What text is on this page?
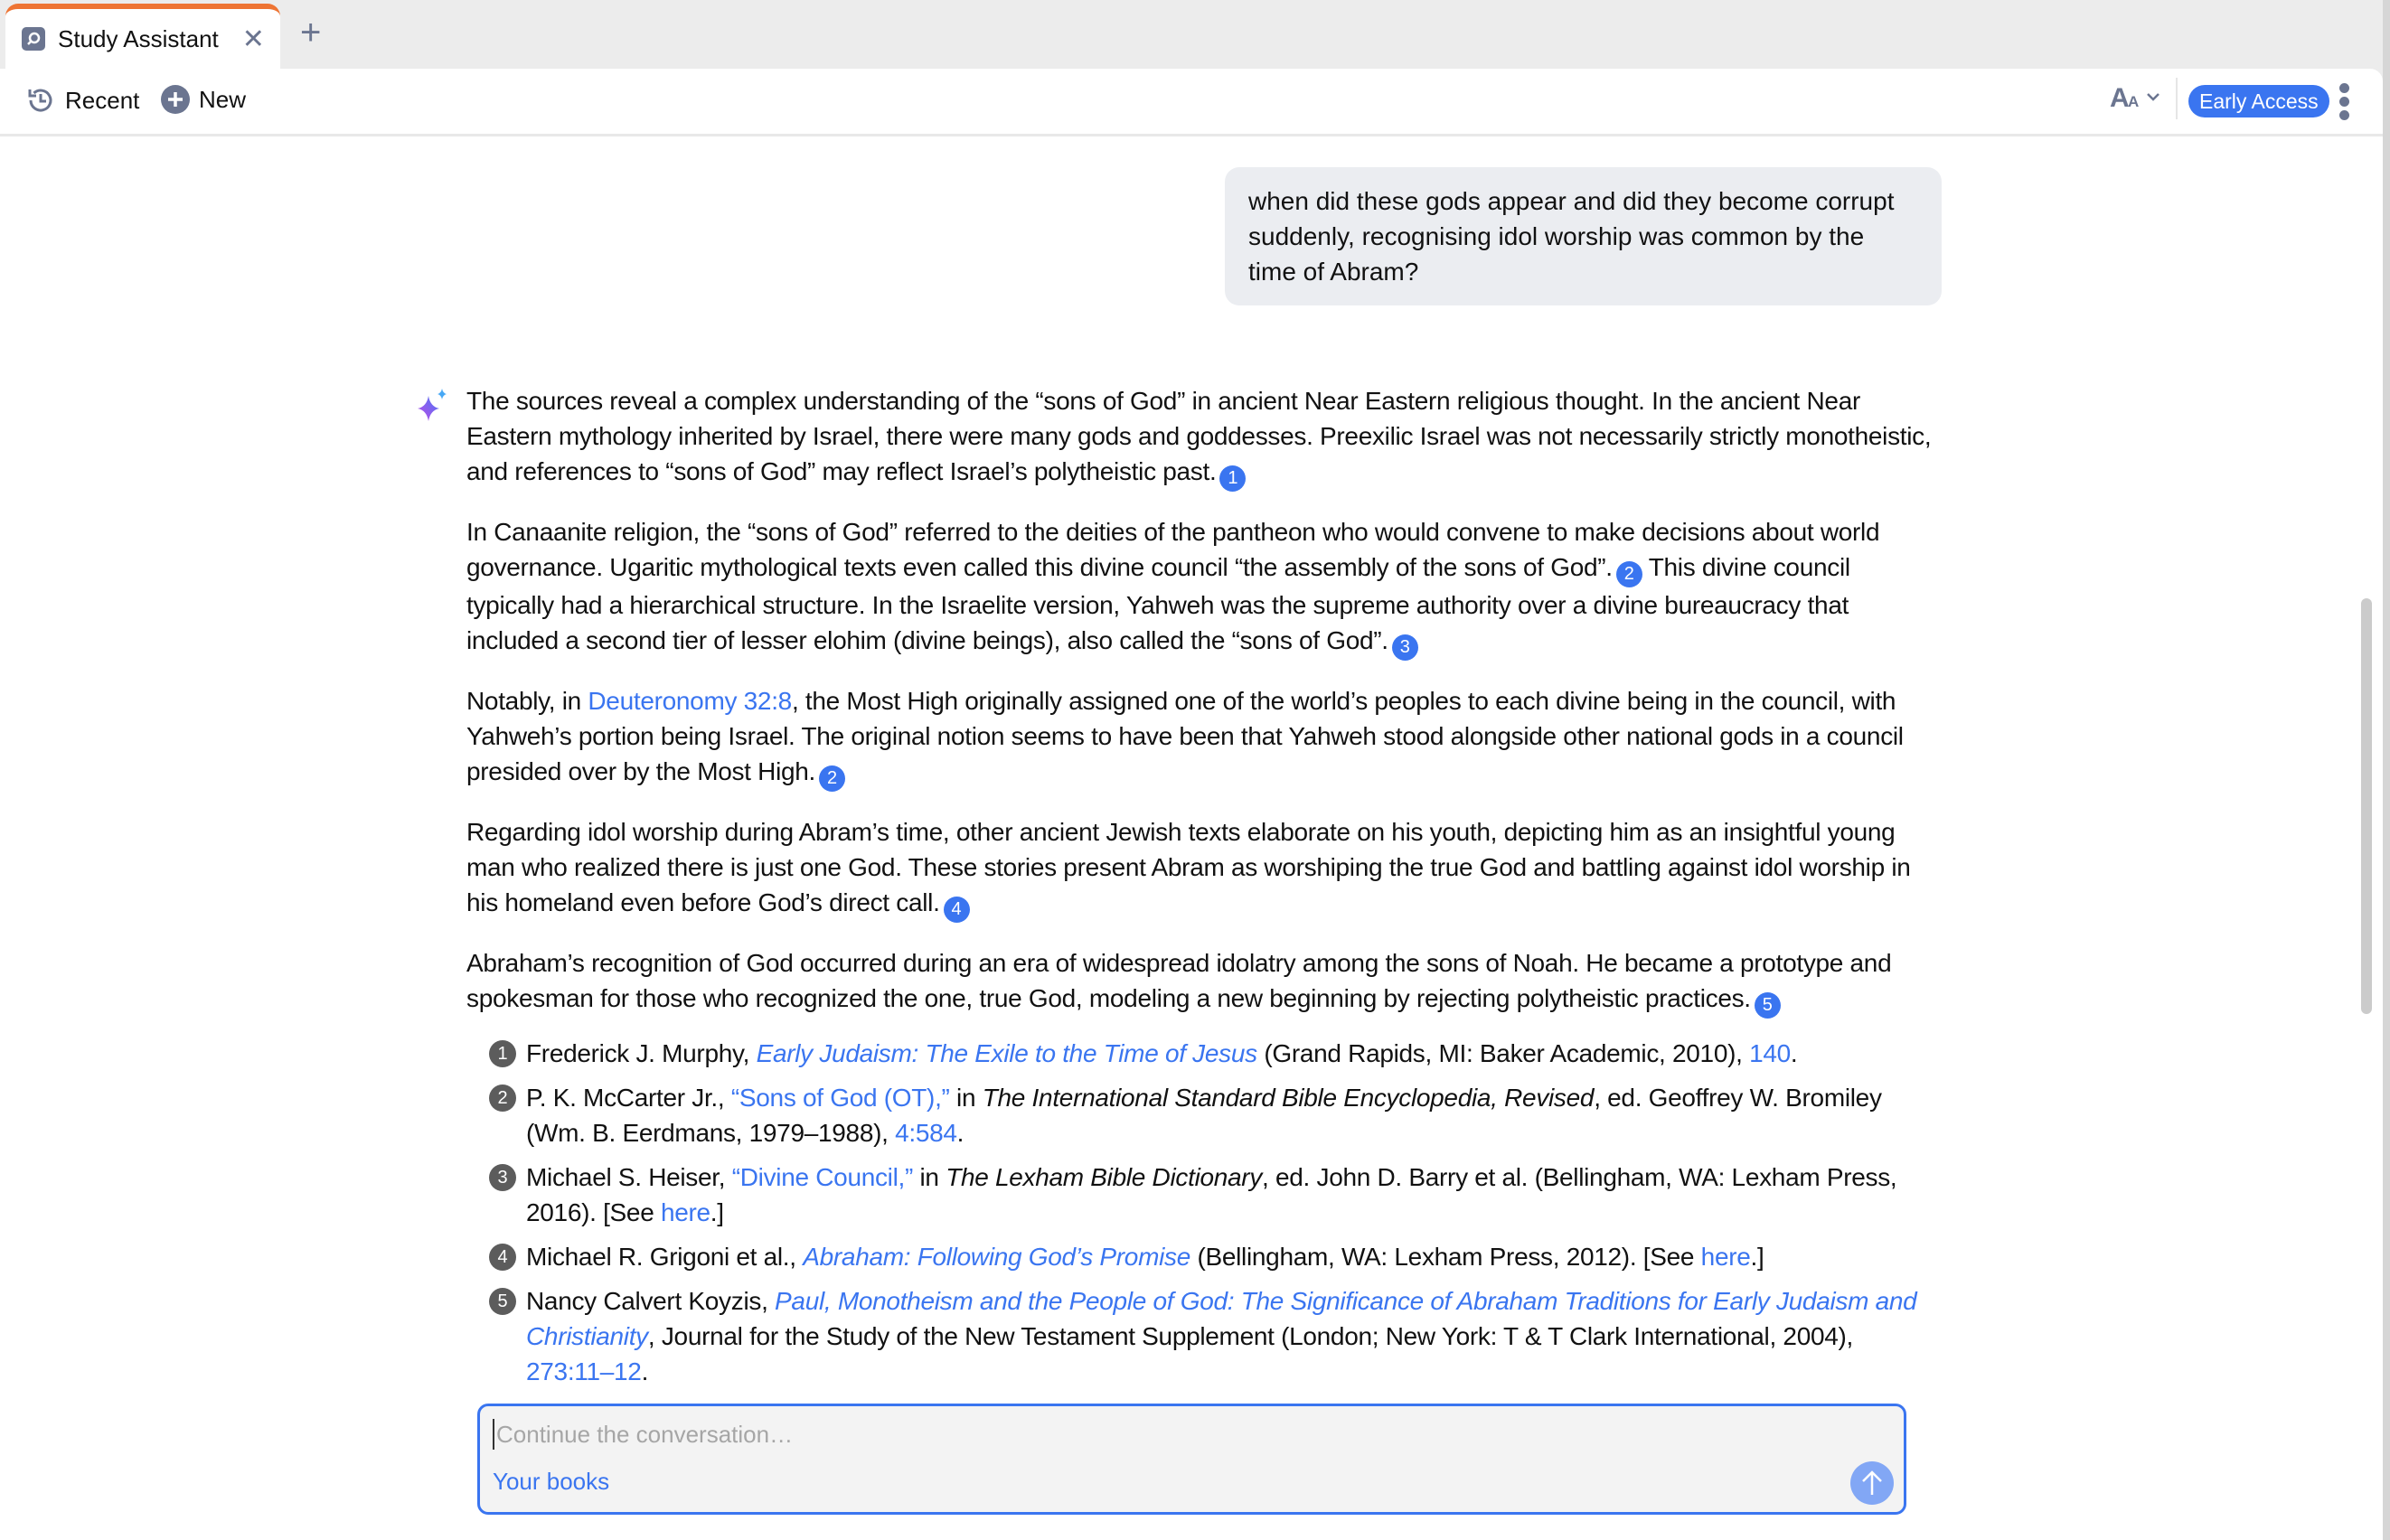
Study Assistant ✕ +
Recent	New	A
A	Early Access
when did these gods appear and did they become corrupt suddenly, recognising idol worship was common by the time of Abram?

The sources reveal a complex understanding of the “sons of God” in ancient Near Eastern religious thought. In the ancient Near Eastern mythology inherited by Israel, there were many gods and goddesses. Preexilic Israel was not necessarily strictly monotheistic, and references to “sons of God” may reflect Israel’s polytheistic past. 1

In Canaanite religion, the “sons of God” referred to the deities of the pantheon who would convene to make decisions about world governance. Ugaritic mythological texts even called this divine council “the assembly of the sons of God”. 2 This divine council typically had a hierarchical structure. In the Israelite version, Yahweh was the supreme authority over a divine bureaucracy that included a second tier of lesser elohim (divine beings), also called the “sons of God”. 3

Notably, in Deuteronomy 32:8, the Most High originally assigned one of the world’s peoples to each divine being in the council, with Yahweh’s portion being Israel. The original notion seems to have been that Yahweh stood alongside other national gods in a council presided over by the Most High. 2

Regarding idol worship during Abram’s time, other ancient Jewish texts elaborate on his youth, depicting him as an insightful young man who realized there is just one God. These stories present Abram as worshiping the true God and battling against idol worship in his homeland even before God’s direct call. 4

Abraham’s recognition of God occurred during an era of widespread idolatry among the sons of Noah. He became a prototype and spokesman for those who recognized the one, true God, modeling a new beginning by rejecting polytheistic practices. 5

1 Frederick J. Murphy, Early Judaism: The Exile to the Time of Jesus (Grand Rapids, MI: Baker Academic, 2010), 140.
2 P. K. McCarter Jr., “Sons of God (OT),” in The International Standard Bible Encyclopedia, Revised, ed. Geoffrey W. Bromiley (Wm. B. Eerdmans, 1979–1988), 4:584.
3 Michael S. Heiser, “Divine Council,” in The Lexham Bible Dictionary, ed. John D. Barry et al. (Bellingham, WA: Lexham Press, 2016). [See here.]
4 Michael R. Grigoni et al., Abraham: Following God’s Promise (Bellingham, WA: Lexham Press, 2012). [See here.]
5 Nancy Calvert Koyzis, Paul, Monotheism and the People of God: The Significance of Abraham Traditions for Early Judaism and Christianity, Journal for the Study of the New Testament Supplement (London; New York: T & T Clark International, 2004), 273:11–12.
Continue the conversation…
Your books
